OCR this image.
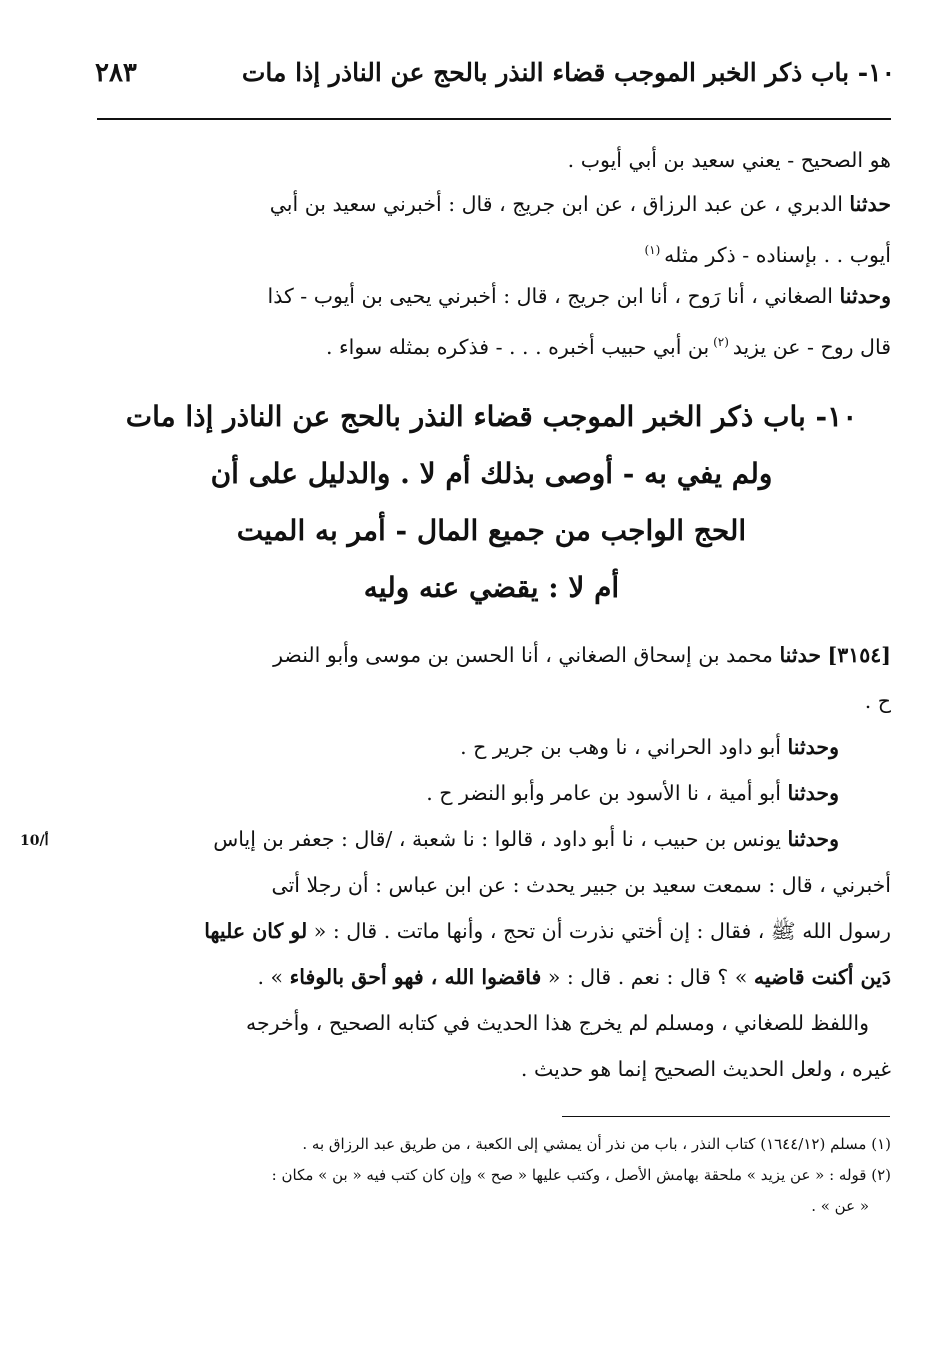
١٠- باب ذكر الخبر الموجب قضاء النذر بالحج عن الناذر إذا مات
٢٨٣
هو الصحيح - يعني سعيد بن أبي أيوب .
حدثنا الدبري ، عن عبد الرزاق ، عن ابن جريج ، قال : أخبرني سعيد بن أبي
أيوب . . بإسناده - ذكر مثله $^{(١)}$
وحدثنا الصغاني ، أنا رَوح ، أنا ابن جريج ، قال : أخبرني يحيى بن أيوب - كذا
قال روح - عن يزيد $^{(٢)}$ بن أبي حبيب أخبره . . . - فذكره بمثله سواء .
١٠- باب ذكر الخبر الموجب قضاء النذر بالحج عن الناذر إذا مات
ولم يفي به - أوصى بذلك أم لا . والدليل على أن
الحج الواجب من جميع المال - أمر به الميت
أم لا : يقضي عنه وليه
[٣١٥٤] حدثنا محمد بن إسحاق الصغاني ، أنا الحسن بن موسى وأبو النضر
ح .
وحدثنا أبو داود الحراني ، نا وهب بن جرير ح .
وحدثنا أبو أمية ، نا الأسود بن عامر وأبو النضر ح .
وحدثنا يونس بن حبيب ، نا أبو داود ، قالوا : نا شعبة ، /قال : جعفر بن إياس
أخبرني ، قال : سمعت سعيد بن جبير يحدث : عن ابن عباس : أن رجلا أتى
رسول الله ﷺ ، فقال : إن أختي نذرت أن تحج ، وأنها ماتت . قال : « لو كان عليها
دَين أكنت قاضيه » ؟ قال : نعم . قال : « فاقضوا الله ، فهو أحق بالوفاء » .
10/أ
واللفظ للصغاني ، ومسلم لم يخرج هذا الحديث في كتابه الصحيح ، وأخرجه
غيره ، ولعل الحديث الصحيح إنما هو حديث .
(١) مسلم (١٦٤٤/١٢) كتاب النذر ، باب من نذر أن يمشي إلى الكعبة ، من طريق عبد الرزاق به .
(٢) قوله : « عن يزيد » ملحقة بهامش الأصل ، وكتب عليها « صح » وإن كان كتب فيه « بن » مكان :
« عن » .
